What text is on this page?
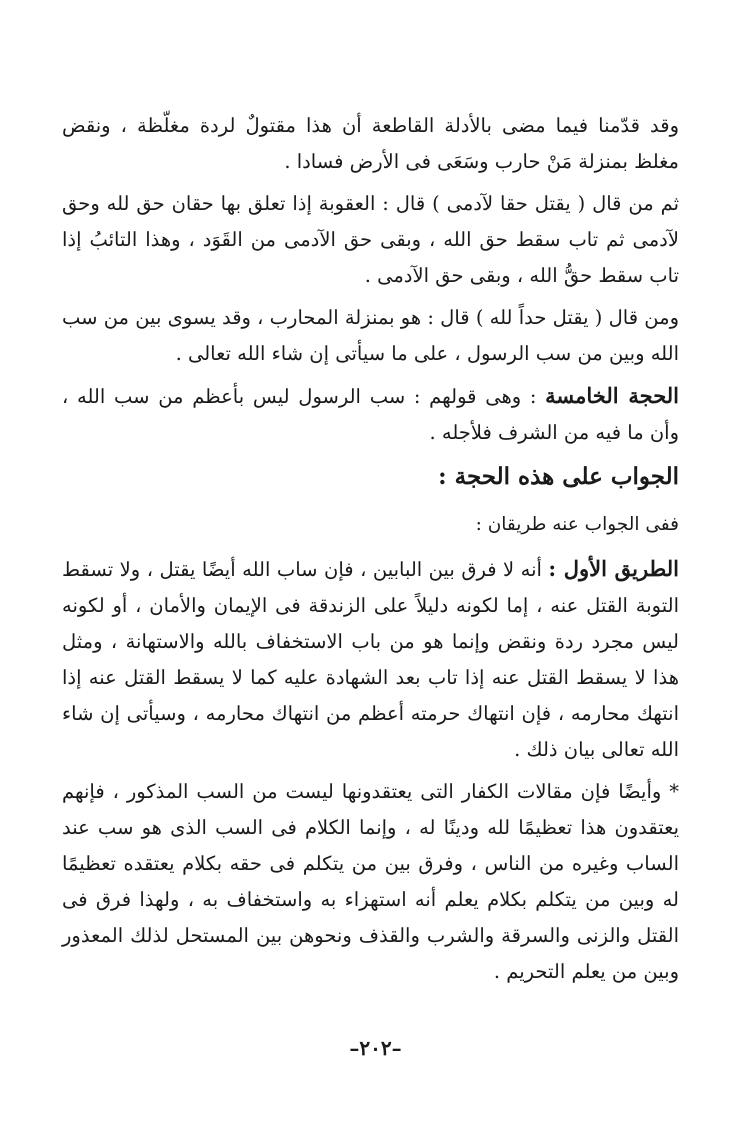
وقد قدّمنا فيما مضى بالأدلة القاطعة أن هذا مقتولٌ لردة مغلّظة ، ونقض مغلظ بمنزلة مَنْ حارب وسَعَى فى الأرض فسادا .

ثم من قال ( يقتل حقا لآدمى ) قال : العقوبة إذا تعلق بها حقان حق لله وحق لآدمى ثم تاب سقط حق الله ، وبقى حق الآدمى من القَوَد ، وهذا التائبُ إذا تاب سقط حقُّ الله ، وبقى حق الآدمى .

ومن قال ( يقتل حداً لله ) قال : هو بمنزلة المحارب ، وقد يسوى بين من سب الله وبين من سب الرسول ، على ما سيأتى إن شاء الله تعالى .

الحجة الخامسة : وهى قولهم : سب الرسول ليس بأعظم من سب الله ، وأن ما فيه من الشرف فلأجله .

الجواب على هذه الحجة :

ففى الجواب عنه طريقان :

الطريق الأول : أنه لا فرق بين البابين ، فإن ساب الله أيضًا يقتل ، ولا تسقط التوبة القتل عنه ، إما لكونه دليلاً على الزندقة فى الإيمان والأمان ، أو لكونه ليس مجرد ردة ونقض وإنما هو من باب الاستخفاف بالله والاستهانة ، ومثل هذا لا يسقط القتل عنه إذا تاب بعد الشهادة عليه كما لا يسقط القتل عنه إذا انتهك محارمه ، فإن انتهاك حرمته أعظم من انتهاك محارمه ، وسيأتى إن شاء الله تعالى بيان ذلك .

* وأيضًا فإن مقالات الكفار التى يعتقدونها ليست من السب المذكور ، فإنهم يعتقدون هذا تعظيمًا لله ودينًا له ، وإنما الكلام فى السب الذى هو سب عند الساب وغيره من الناس ، وفرق بين من يتكلم فى حقه بكلام يعتقده تعظيمًا له وبين من يتكلم بكلام يعلم أنه استهزاء به واستخفاف به ، ولهذا فرق فى القتل والزنى والسرقة والشرب والقذف ونحوهن بين المستحل لذلك المعذور وبين من يعلم التحريم .

–٢٠٢–
